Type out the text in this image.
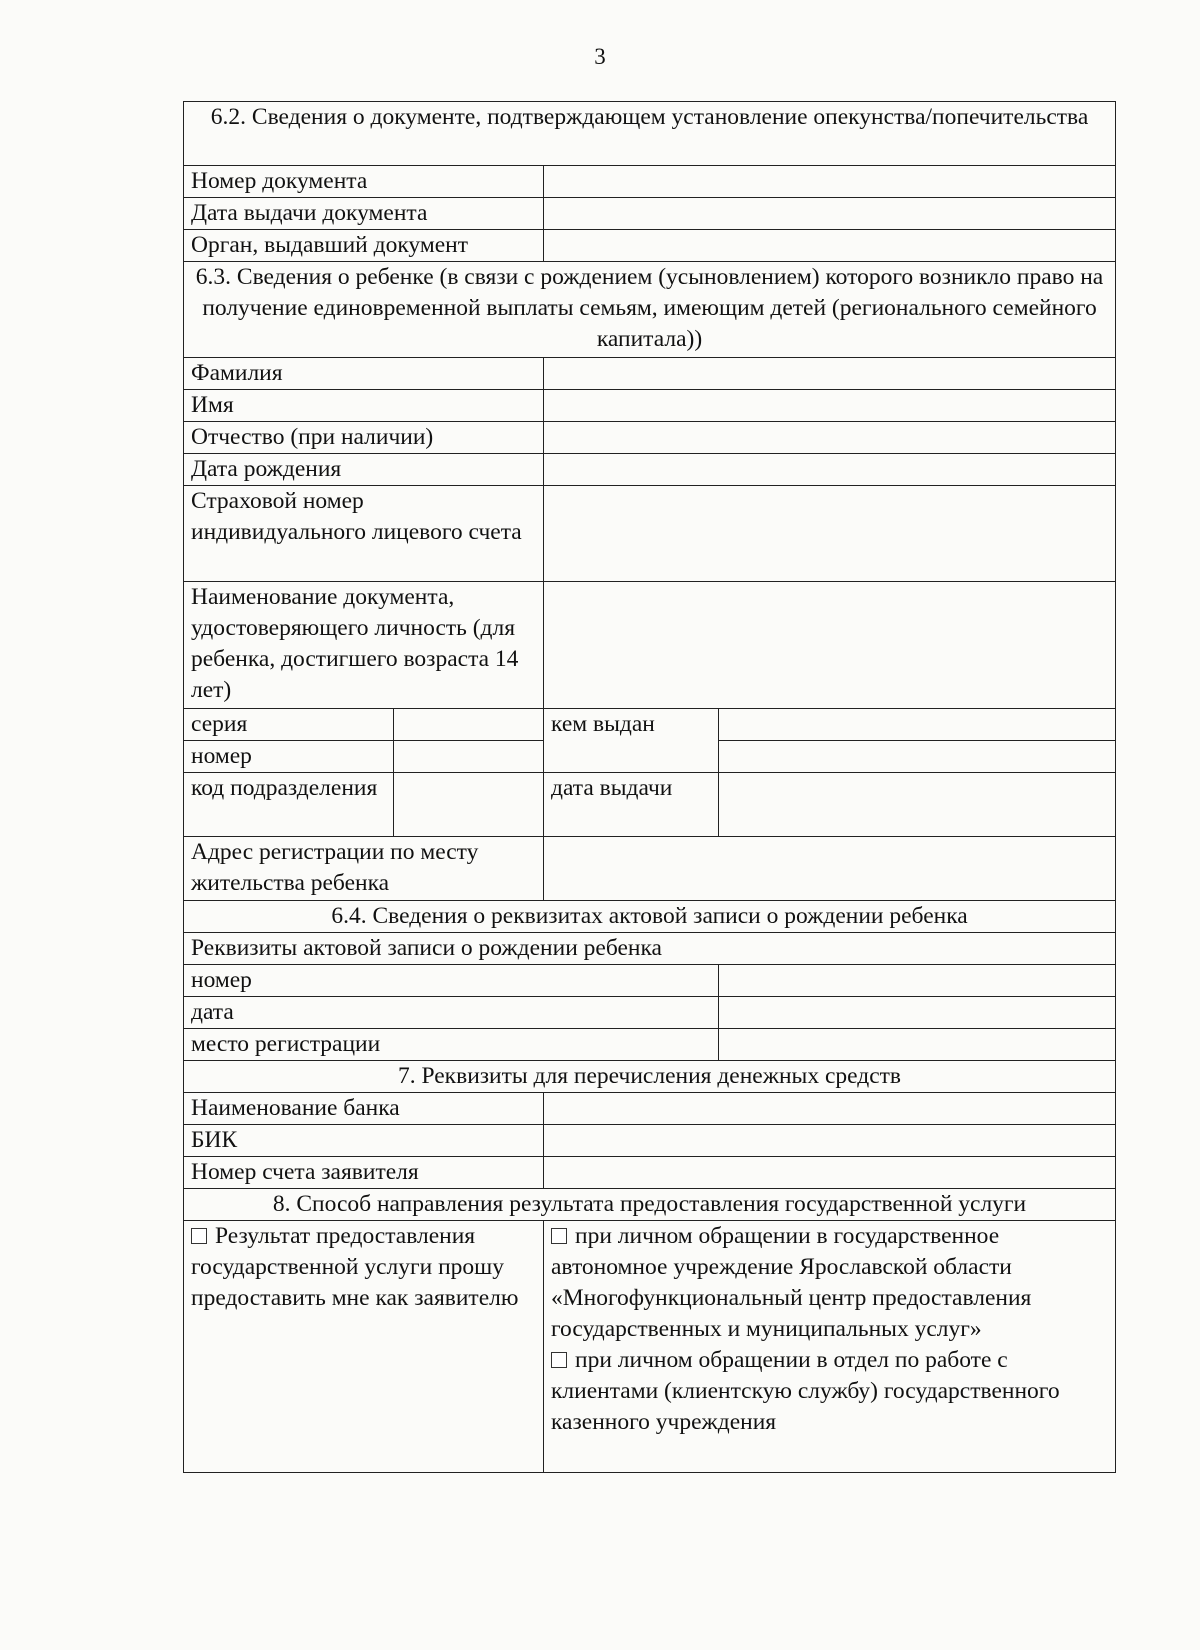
3
6.2. Сведения о документе, подтверждающем установление опекунства/попечительства			
Номер документа			
Дата выдачи документа			
Орган, выдавший документ			
6.3. Сведения о ребенке (в связи с рождением (усыновлением) которого возникло право на получение единовременной выплаты семьям, имеющим детей (регионального семейного капитала))			
Фамилия			
Имя			
Отчество (при наличии)			
Дата рождения			
Страховой номер индивидуального лицевого счета			
Наименование документа, удостоверяющего личность (для ребенка, достигшего возраста 14 лет)			
серия		кем выдан	
номер			
код подразделения		дата выдачи	
Адрес регистрации по месту жительства ребенка			
6.4. Сведения о реквизитах актовой записи о рождении ребенка			
Реквизиты актовой записи о рождении ребенка			
номер			
дата			
место регистрации			
7. Реквизиты для перечисления денежных средств			
Наименование банка			
БИК			
Номер счета заявителя			
8. Способ направления результата предоставления государственной услуги			
Результат предоставления государственной услуги прошу предоставить мне как заявителю		при личном обращении в государственное автономное учреждение Ярославской области «Многофункциональный центр предоставления государственных и муниципальных услуг»
при личном обращении в отдел по работе с клиентами (клиентскую службу) государственного казенного учреждения	
